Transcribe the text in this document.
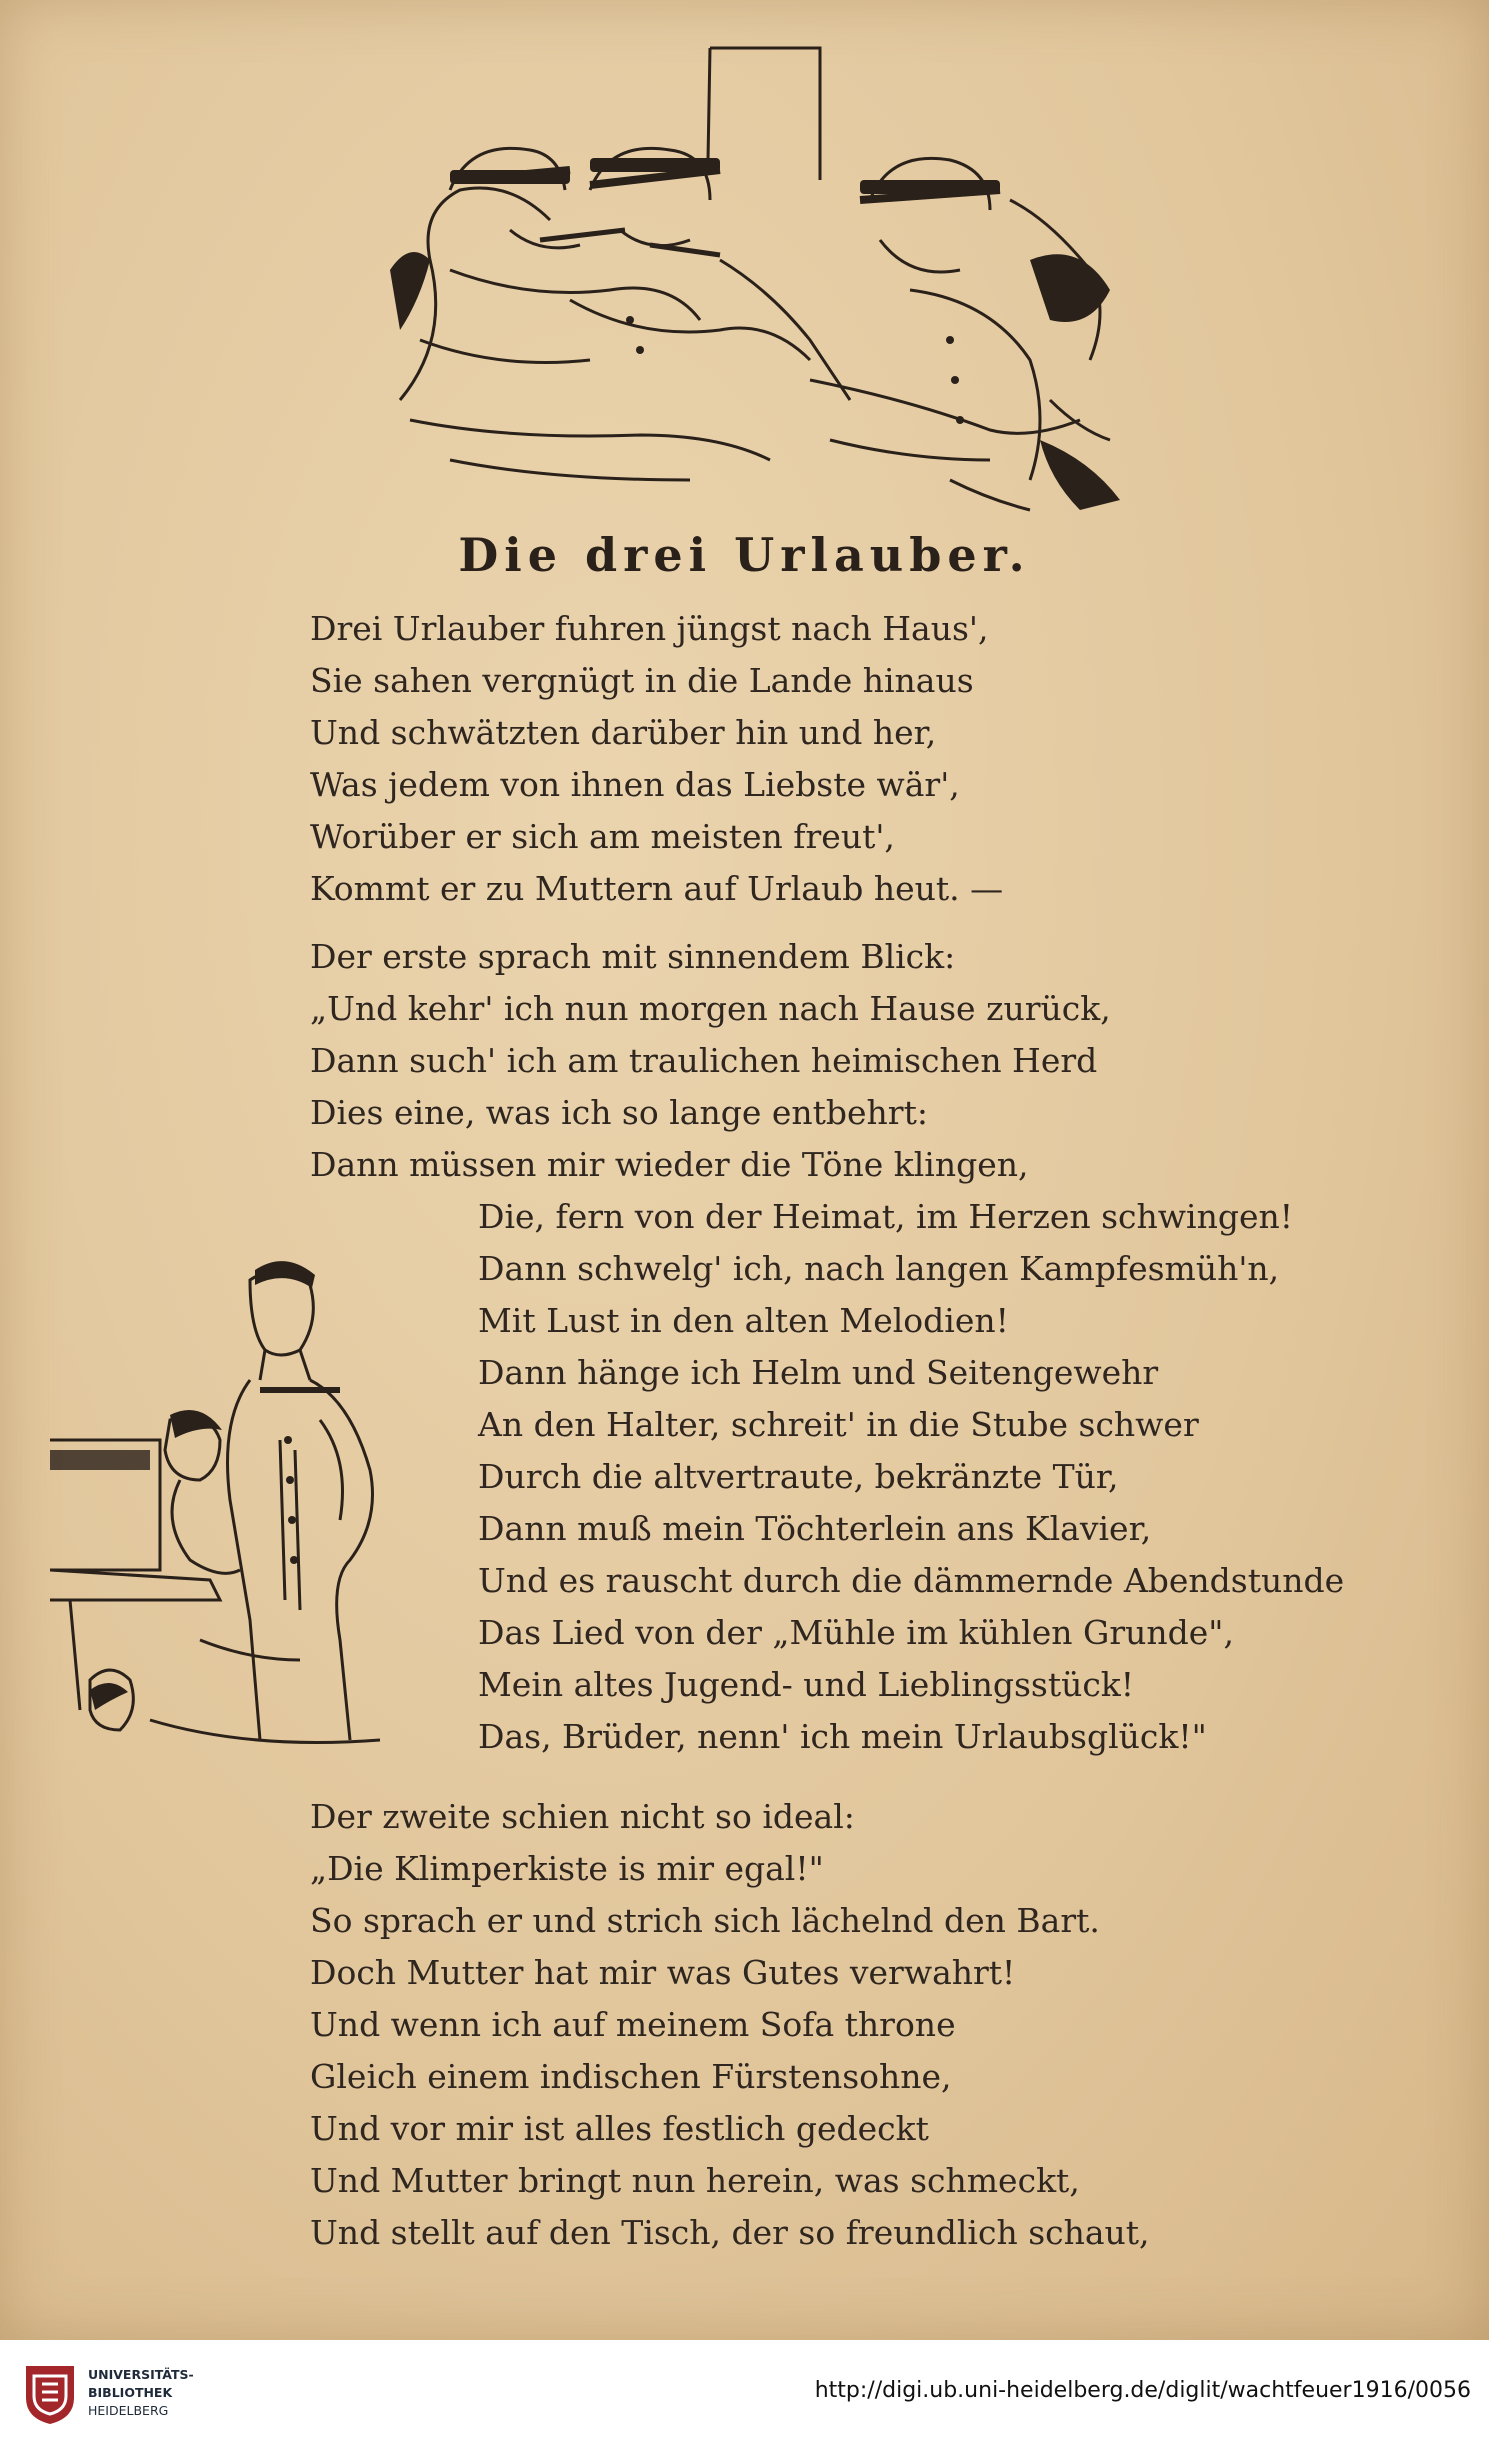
Die drei Urlauber.
Drei Urlauber fuhren jüngst nach Haus',
Sie sahen vergnügt in die Lande hinaus
Und schwätzten darüber hin und her,
Was jedem von ihnen das Liebste wär',
Worüber er sich am meisten freut',
Kommt er zu Muttern auf Urlaub heut. —
Der erste sprach mit sinnendem Blick:
„Und kehr' ich nun morgen nach Hause zurück,
Dann such' ich am traulichen heimischen Herd
Dies eine, was ich so lange entbehrt:
Dann müssen mir wieder die Töne klingen,
Die, fern von der Heimat, im Herzen schwingen!
Dann schwelg' ich, nach langen Kampfesmüh'n,
Mit Lust in den alten Melodien!
Dann hänge ich Helm und Seitengewehr
An den Halter, schreit' in die Stube schwer
Durch die altvertraute, bekränzte Tür,
Dann muß mein Töchterlein ans Klavier,
Und es rauscht durch die dämmernde Abendstunde
Das Lied von der „Mühle im kühlen Grunde",
Mein altes Jugend- und Lieblingsstück!
Das, Brüder, nenn' ich mein Urlaubsglück!"
Der zweite schien nicht so ideal:
„Die Klimperkiste is mir egal!"
So sprach er und strich sich lächelnd den Bart.
Doch Mutter hat mir was Gutes verwahrt!
Und wenn ich auf meinem Sofa throne
Gleich einem indischen Fürstensohne,
Und vor mir ist alles festlich gedeckt
Und Mutter bringt nun herein, was schmeckt,
Und stellt auf den Tisch, der so freundlich schaut,
UNIVERSITÄTS-
BIBLIOTHEK
HEIDELBERG
http://digi.ub.uni-heidelberg.de/diglit/wachtfeuer1916/0056
